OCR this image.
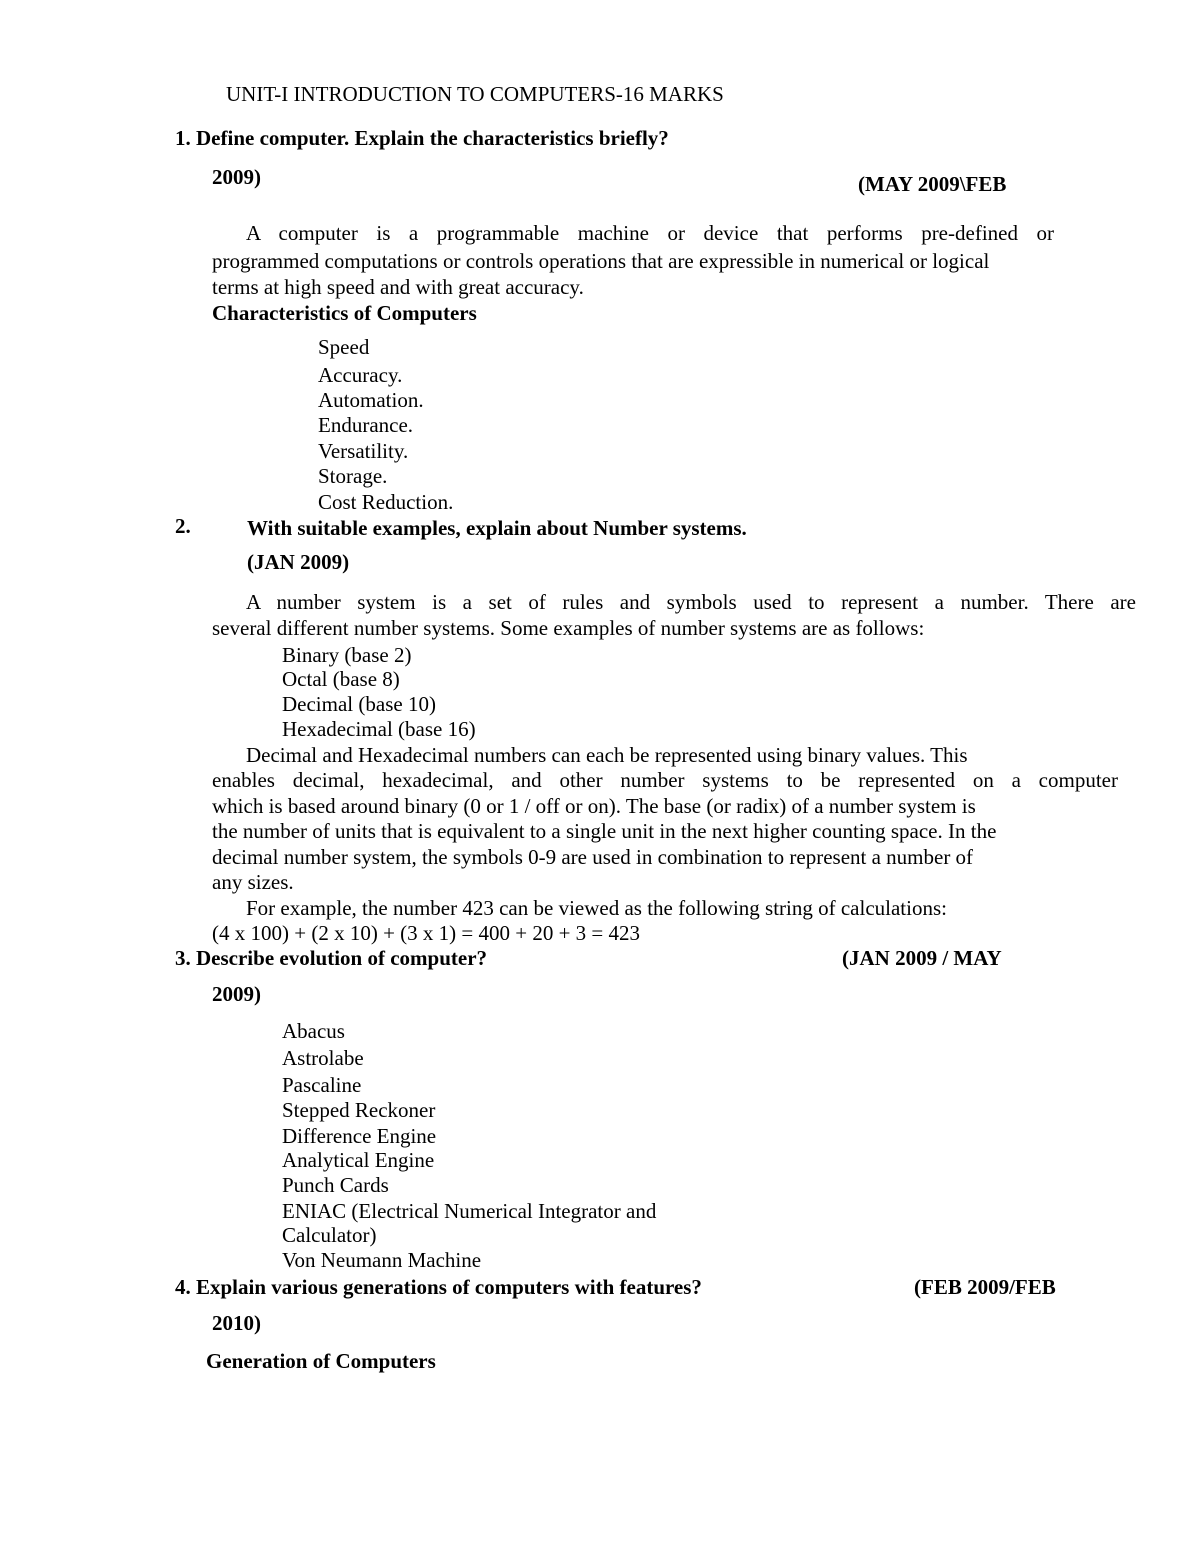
UNIT-I INTRODUCTION TO COMPUTERS-16 MARKS
1. Define computer. Explain the characteristics briefly?
2009)	(MAY 2009\FEB
A computer is a programmable machine or device that performs pre-defined or
programmed computations or controls operations that are expressible in numerical or logical
terms at high speed and with great accuracy.
Characteristics of Computers
Speed
Accuracy.
Automation.
Endurance.
Versatility.
Storage.
Cost Reduction.
2.	With suitable examples, explain about Number systems.
(JAN 2009)
A number system is a set of rules and symbols used to represent a number. There are
several different number systems. Some examples of number systems are as follows:
Binary (base 2)
Octal (base 8)
Decimal (base 10)
Hexadecimal (base 16)
Decimal and Hexadecimal numbers can each be represented using binary values. This
enables decimal, hexadecimal, and other number systems to be represented on a computer
which is based around binary (0 or 1 / off or on). The base (or radix) of a number system is
the number of units that is equivalent to a single unit in the next higher counting space. In the
decimal number system, the symbols 0-9 are used in combination to represent a number of
any sizes.
For example, the number 423 can be viewed as the following string of calculations:
(4 x 100) + (2 x 10) + (3 x 1) = 400 + 20 + 3 = 423
3. Describe evolution of computer?	(JAN 2009 / MAY
2009)
Abacus
Astrolabe
Pascaline
Stepped Reckoner
Difference Engine
Analytical Engine
Punch Cards
ENIAC (Electrical Numerical Integrator and
Calculator)
Von Neumann Machine
4. Explain various generations of computers with features?	(FEB 2009/FEB
2010)
Generation of Computers
